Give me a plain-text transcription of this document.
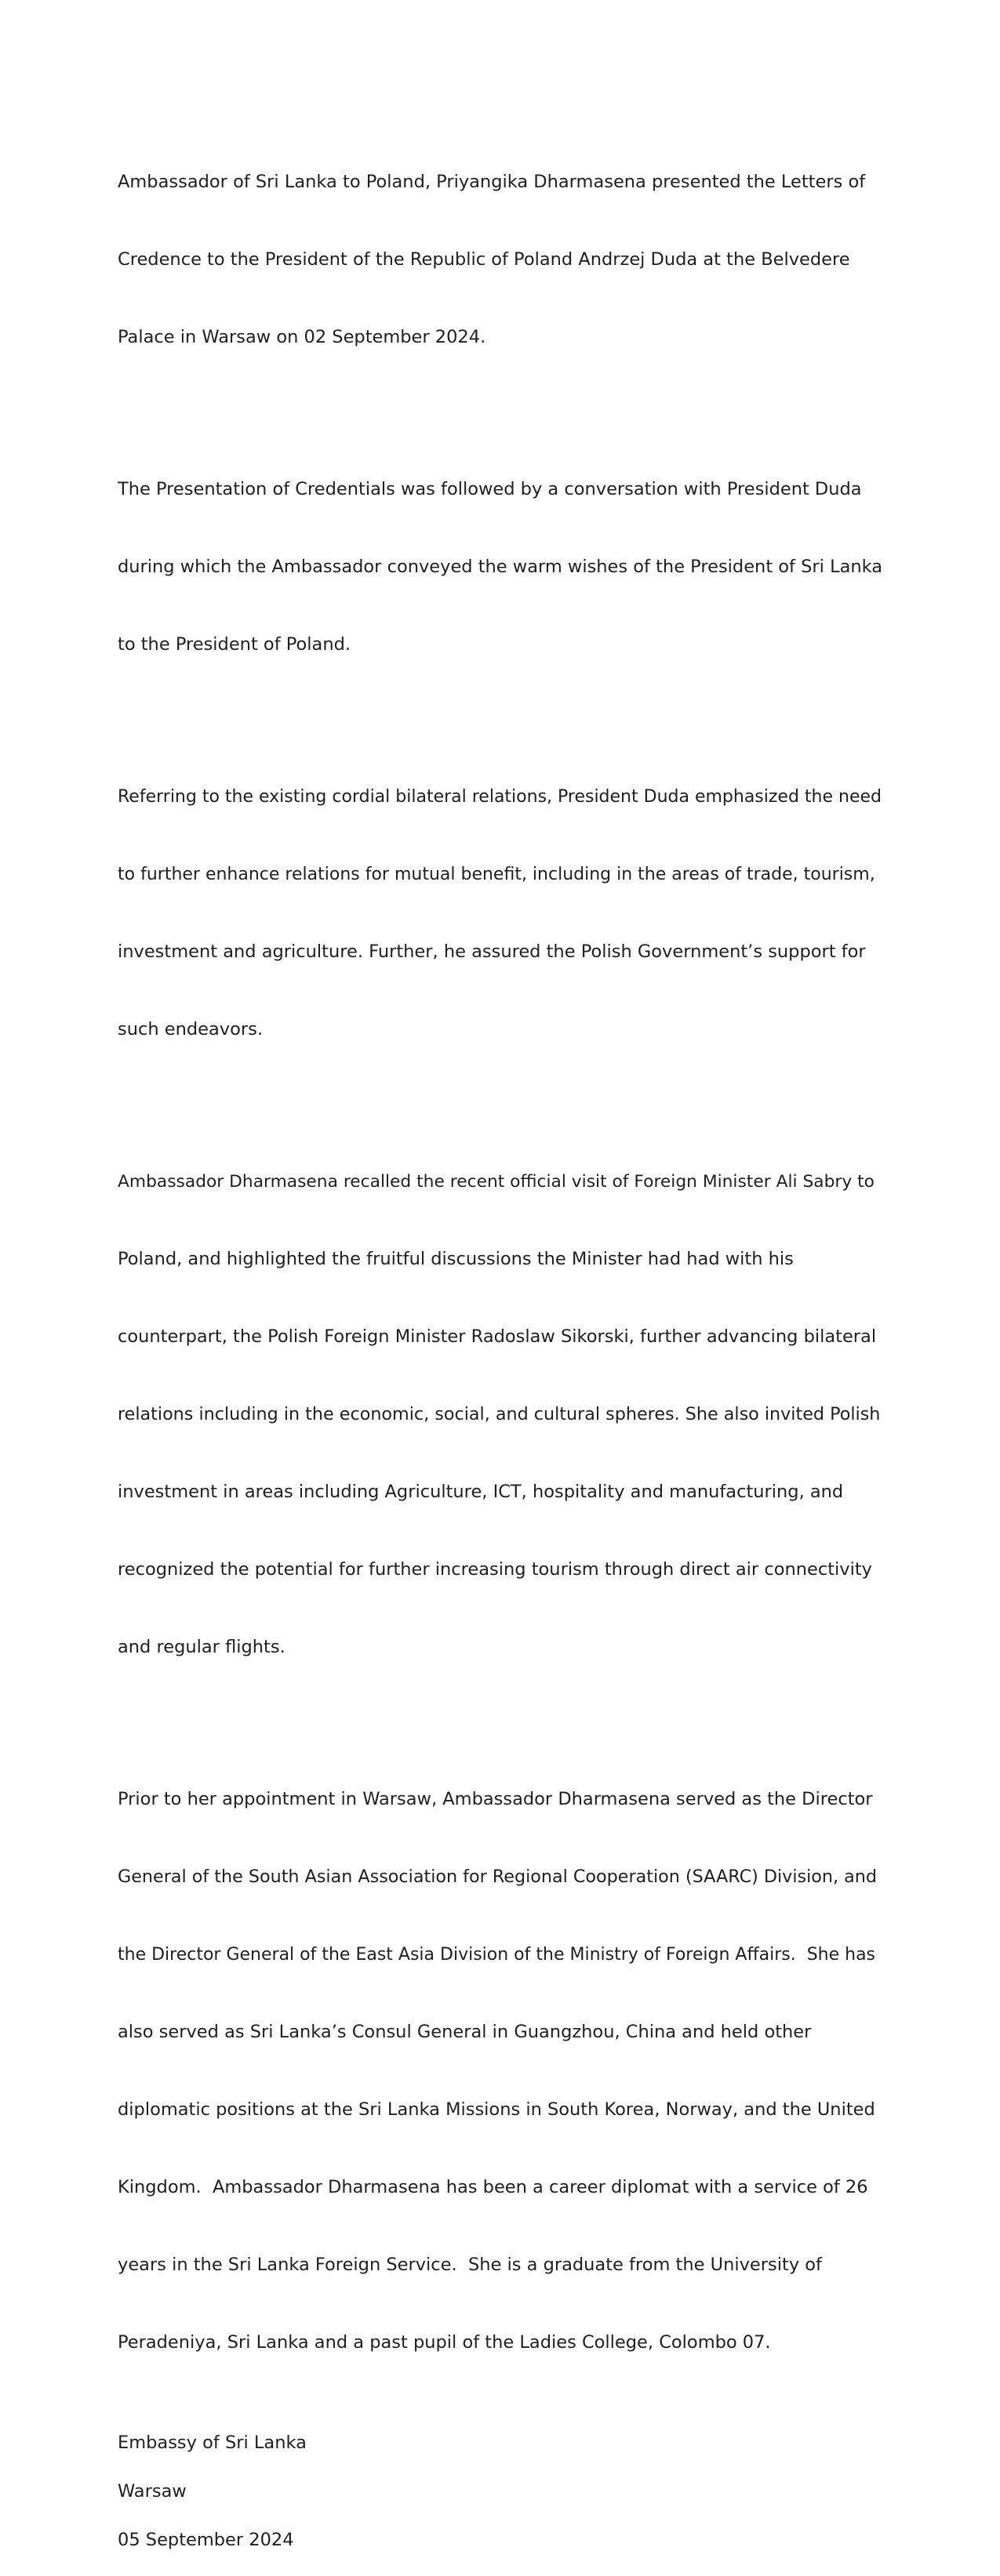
Ambassador of Sri Lanka to Poland, Priyangika Dharmasena presented the Letters of

Credence to the President of the Republic of Poland Andrzej Duda at the Belvedere

Palace in Warsaw on 02 September 2024.

The Presentation of Credentials was followed by a conversation with President Duda

during which the Ambassador conveyed the warm wishes of the President of Sri Lanka

to the President of Poland.

Referring to the existing cordial bilateral relations, President Duda emphasized the need

to further enhance relations for mutual benefit, including in the areas of trade, tourism,

investment and agriculture. Further, he assured the Polish Government’s support for

such endeavors.

Ambassador Dharmasena recalled the recent official visit of Foreign Minister Ali Sabry to

Poland, and highlighted the fruitful discussions the Minister had had with his

counterpart, the Polish Foreign Minister Radoslaw Sikorski, further advancing bilateral

relations including in the economic, social, and cultural spheres. She also invited Polish

investment in areas including Agriculture, ICT, hospitality and manufacturing, and

recognized the potential for further increasing tourism through direct air connectivity

and regular flights.

Prior to her appointment in Warsaw, Ambassador Dharmasena served as the Director

General of the South Asian Association for Regional Cooperation (SAARC) Division, and

the Director General of the East Asia Division of the Ministry of Foreign Affairs.  She has

also served as Sri Lanka’s Consul General in Guangzhou, China and held other

diplomatic positions at the Sri Lanka Missions in South Korea, Norway, and the United

Kingdom.  Ambassador Dharmasena has been a career diplomat with a service of 26

years in the Sri Lanka Foreign Service.  She is a graduate from the University of

Peradeniya, Sri Lanka and a past pupil of the Ladies College, Colombo 07.

Embassy of Sri Lanka
Warsaw
05 September 2024
